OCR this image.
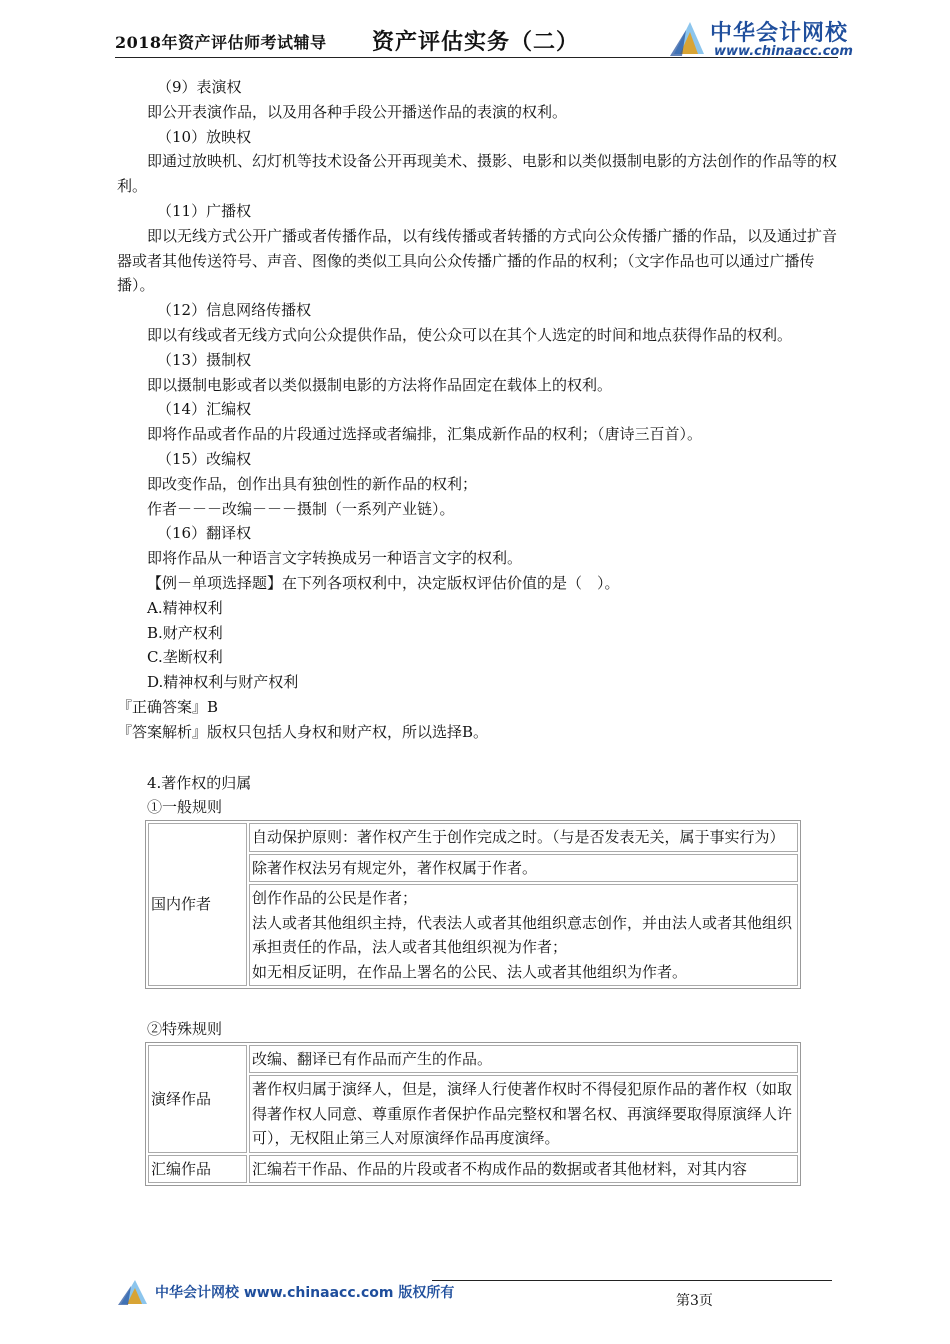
2018年资产评估师考试辅导 资产评估实务（二）	中华会计网校
www.chinaacc.com

（9）表演权

即公开表演作品，以及用各种手段公开播送作品的表演的权利。

（10）放映权

即通过放映机、幻灯机等技术设备公开再现美术、摄影、电影和以类似摄制电影的方法创作的作品等的权利。

（11）广播权

即以无线方式公开广播或者传播作品，以有线传播或者转播的方式向公众传播广播的作品，以及通过扩音器或者其他传送符号、声音、图像的类似工具向公众传播广播的作品的权利；（文字作品也可以通过广播传播）。

（12）信息网络传播权

即以有线或者无线方式向公众提供作品，使公众可以在其个人选定的时间和地点获得作品的权利。

（13）摄制权

即以摄制电影或者以类似摄制电影的方法将作品固定在载体上的权利。

（14）汇编权

即将作品或者作品的片段通过选择或者编排，汇集成新作品的权利；（唐诗三百首）。

（15）改编权

即改变作品，创作出具有独创性的新作品的权利；

作者－－－改编－－－摄制（一系列产业链）。

（16）翻译权

即将作品从一种语言文字转换成另一种语言文字的权利。

【例－单项选择题】在下列各项权利中，决定版权评估价值的是（　）。

A.精神权利

B.财产权利

C.垄断权利

D.精神权利与财产权利

『正确答案』B

『答案解析』版权只包括人身权和财产权，所以选择B。

4.著作权的归属

①一般规则

国内作者	自动保护原则：著作权产生于创作完成之时。（与是否发表无关，属于事实行为）
除著作权法另有规定外，著作权属于作者。
创作作品的公民是作者；
法人或者其他组织主持，代表法人或者其他组织意志创作，并由法人或者其他组织承担责任的作品，法人或者其他组织视为作者；
如无相反证明，在作品上署名的公民、法人或者其他组织为作者。

②特殊规则

演绎作品	改编、翻译已有作品而产生的作品。
	著作权归属于演绎人，但是，演绎人行使著作权时不得侵犯原作品的著作权（如取得著作权人同意、尊重原作者保护作品完整权和署名权、再演绎要取得原演绎人许可），无权阻止第三人对原演绎作品再度演绎。
汇编作品	汇编若干作品、作品的片段或者不构成作品的数据或者其他材料，对其内容
中华会计网校 www.chinaacc.com 版权所有	第3页
